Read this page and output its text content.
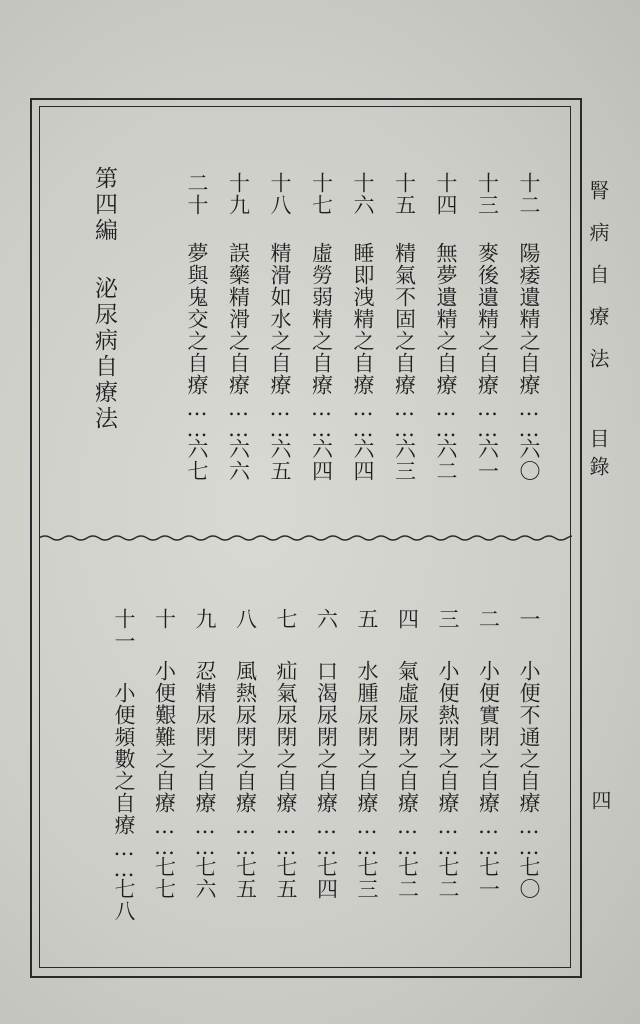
腎病自療法
目錄
四
十二陽痿遺精之自療……六〇
十三麥後遺精之自療……六一
十四無夢遺精之自療……六二
十五精氣不固之自療……六三
十六睡即洩精之自療……六四
十七虛勞弱精之自療……六四
十八精滑如水之自療……六五
十九誤藥精滑之自療……六六
二十夢與鬼交之自療……六七
第四編泌尿病自療法
一小便不通之自療……七〇
二小便實閉之自療……七一
三小便熱閉之自療……七二
四氣虛尿閉之自療……七二
五水腫尿閉之自療……七三
六口渴尿閉之自療……七四
七疝氣尿閉之自療……七五
八風熱尿閉之自療……七五
九忍精尿閉之自療……七六
十小便艱難之自療……七七
十一小便頻數之自療……七八
